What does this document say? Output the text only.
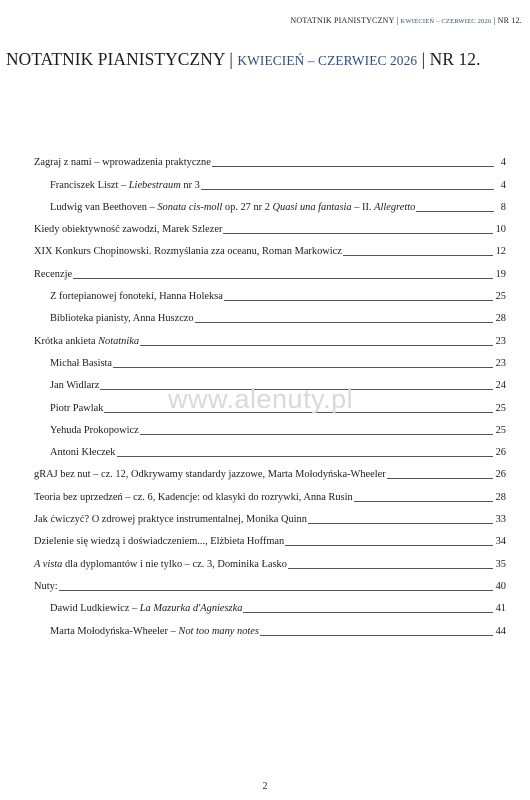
NOTATNIK PIANISTYCZNY | KWIECIEŃ – CZERWIEC 2026 | NR 12.
NOTATNIK PIANISTYCZNY | KWIECIEŃ – CZERWIEC 2026 | NR 12.
Zagraj z nami – wprowadzenia praktyczne	4
Franciszek Liszt – Liebestraum nr 3	4
Ludwig van Beethoven – Sonata cis-moll op. 27 nr 2 Quasi una fantasia – II. Allegretto	8
Kiedy obiektywność zawodzi, Marek Szlezer	10
XIX Konkurs Chopinowski. Rozmyślania zza oceanu, Roman Markowicz	12
Recenzje	19
Z fortepianowej fonoteki, Hanna Holeksa	25
Biblioteka pianisty, Anna Huszczo	28
Krótka ankieta Notatnika	23
Michał Basista	23
Jan Widlarz	24
Piotr Pawlak	25
Yehuda Prokopowicz	25
Antoni Kłeczek	26
gRAJ bez nut – cz. 12, Odkrywamy standardy jazzowe, Marta Mołodyńska-Wheeler	26
Teoria bez uprzedzeń – cz. 6, Kadencje: od klasyki do rozrywki, Anna Rusin	28
Jak ćwiczyć? O zdrowej praktyce instrumentalnej, Monika Quinn	33
Dzielenie się wiedzą i doświadczeniem..., Elżbieta Hoffman	34
A vista dla dyplomantów i nie tylko – cz. 3, Dominika Łasko	35
Nuty:	40
Dawid Ludkiewicz – La Mazurka d'Agnieszka	41
Marta Mołodyńska-Wheeler – Not too many notes	44
www.alenuty.pl
2
